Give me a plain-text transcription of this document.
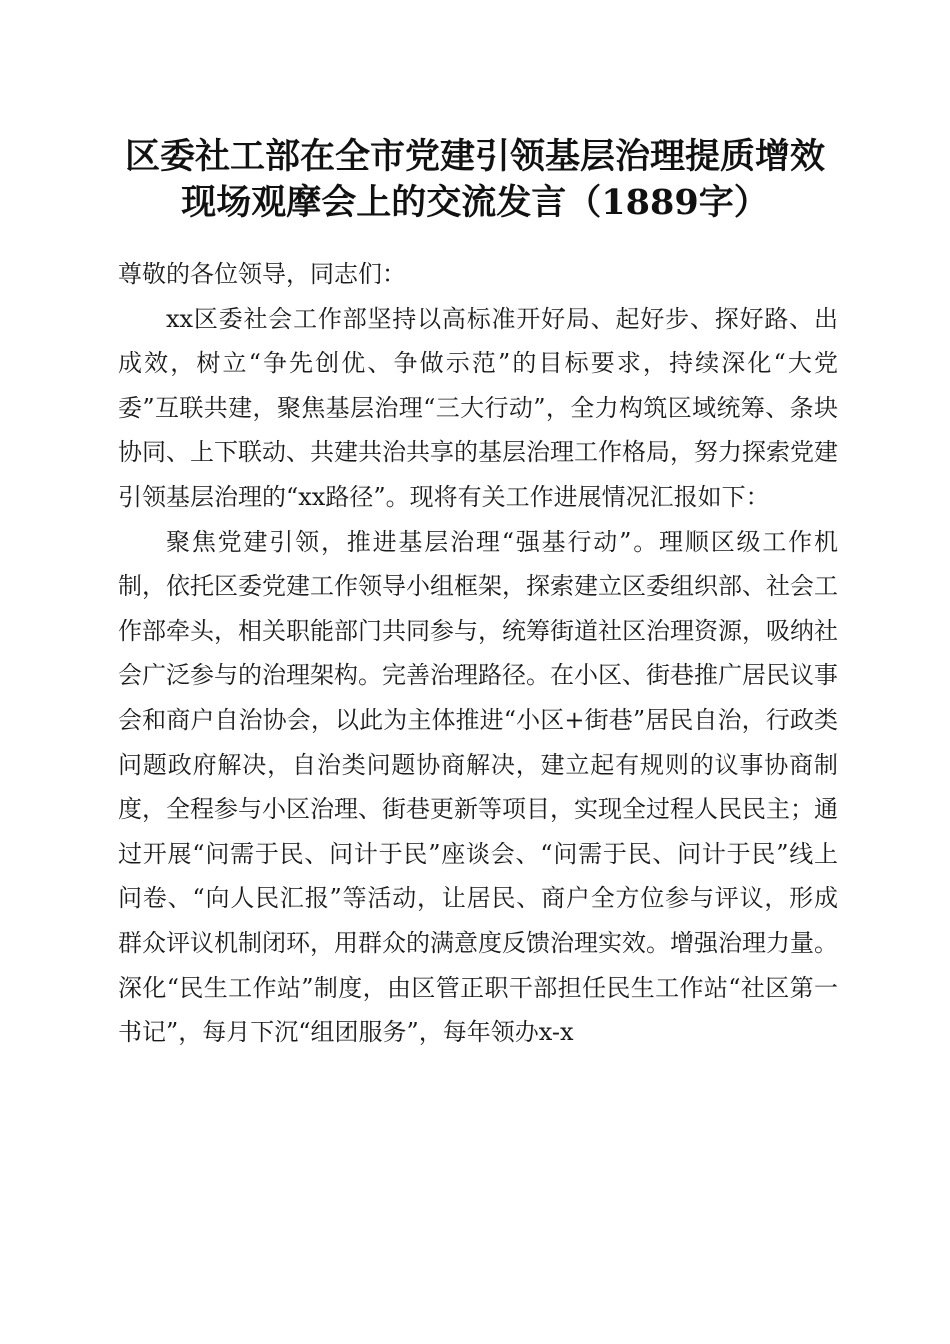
区委社工部在全市党建引领基层治理提质增效
现场观摩会上的交流发言（1889字）

尊敬的各位领导，同志们：

xx区委社会工作部坚持以高标准开好局、起好步、探好路、出成效，树立“争先创优、争做示范”的目标要求，持续深化“大党委”互联共建，聚焦基层治理“三大行动”，全力构筑区域统筹、条块协同、上下联动、共建共治共享的基层治理工作格局，努力探索党建引领基层治理的“xx路径”。现将有关工作进展情况汇报如下：

聚焦党建引领，推进基层治理“强基行动”。理顺区级工作机制，依托区委党建工作领导小组框架，探索建立区委组织部、社会工作部牵头，相关职能部门共同参与，统筹街道社区治理资源，吸纳社会广泛参与的治理架构。完善治理路径。在小区、街巷推广居民议事会和商户自治协会，以此为主体推进“小区+街巷”居民自治，行政类问题政府解决，自治类问题协商解决，建立起有规则的议事协商制度，全程参与小区治理、街巷更新等项目，实现全过程人民民主；通过开展“问需于民、问计于民”座谈会、“问需于民、问计于民”线上问卷、“向人民汇报”等活动，让居民、商户全方位参与评议，形成群众评议机制闭环，用群众的满意度反馈治理实效。增强治理力量。深化“民生工作站”制度，由区管正职干部担任民生工作站“社区第一书记”，每月下沉“组团服务”，每年领办x-x
